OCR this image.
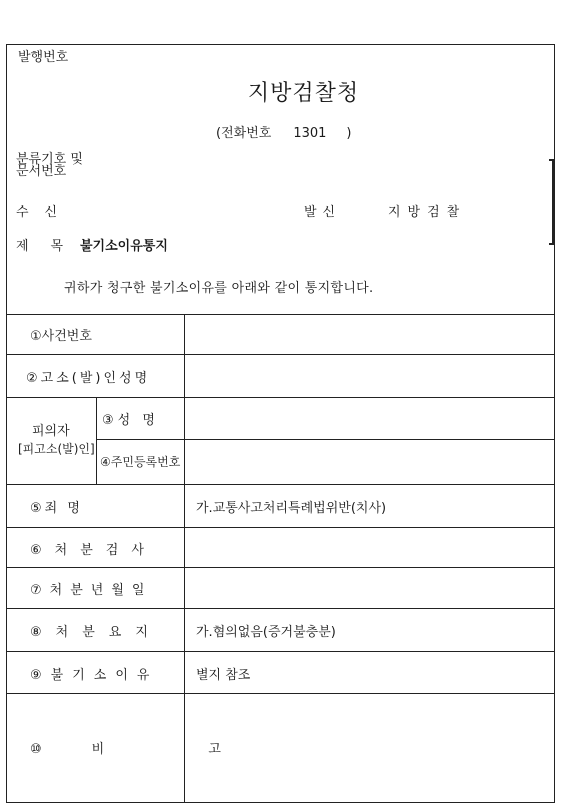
발행번호
지방검찰청
(전화번호 1301 )
분류기호 및 문서번호
수신	발신	지방검찰
제목
불기소이유통지
귀하가 청구한 불기소이유를 아래와 같이 통지합니다.
①사건번호
②고소(발)인성명
피의자
[피고소(발)인]
③성 명
④주민등록번호
⑤죄 명	가.교통사고처리특례법위반(치사)
⑥처분검사
⑦처분년월일
⑧처분요지	가.혐의없음(증거불충분)
⑨불기소이유	별지 참조
⑩비 고
